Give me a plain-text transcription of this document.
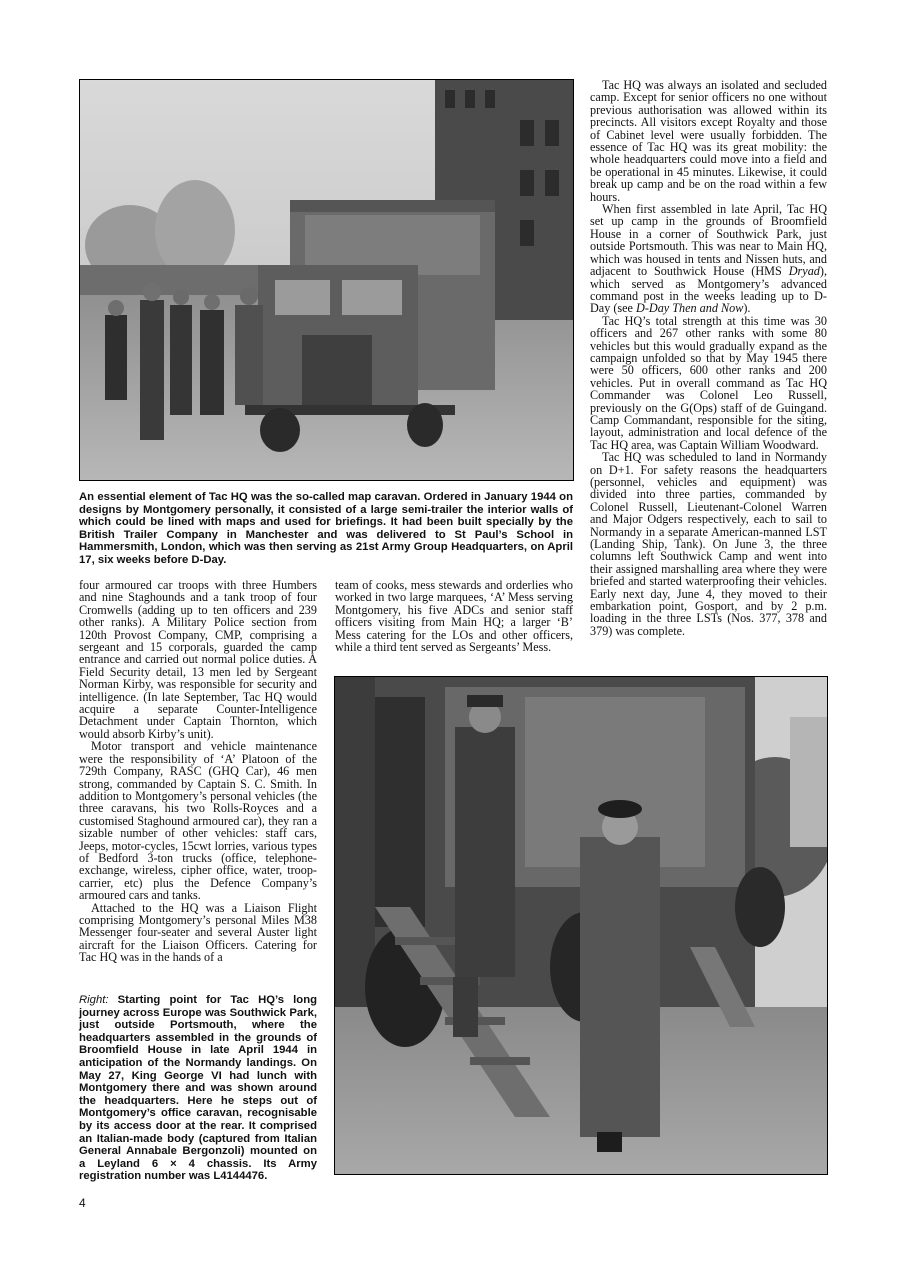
An essential element of Tac HQ was the so-called map caravan. Ordered in January 1944 on designs by Montgomery personally, it consisted of a large semi-trailer the interior walls of which could be lined with maps and used for briefings. It had been built specially by the British Trailer Company in Manchester and was delivered to St Paul’s School in Hammersmith, London, which was then serving as 21st Army Group Headquarters, on April 17, six weeks before D-Day.

four armoured car troops with three Humbers and nine Staghounds and a tank troop of four Cromwells (adding up to ten officers and 239 other ranks). A Military Police section from 120th Provost Company, CMP, comprising a sergeant and 15 corporals, guarded the camp entrance and carried out normal police duties. A Field Security detail, 13 men led by Sergeant Norman Kirby, was responsible for security and intelligence. (In late September, Tac HQ would acquire a separate Counter-Intelligence Detachment under Captain Thornton, which would absorb Kirby’s unit).

Motor transport and vehicle maintenance were the responsibility of ‘A’ Platoon of the 729th Company, RASC (GHQ Car), 46 men strong, commanded by Captain S. C. Smith. In addition to Montgomery’s personal vehicles (the three caravans, his two Rolls-Royces and a customised Staghound armoured car), they ran a sizable number of other vehicles: staff cars, Jeeps, motor-cycles, 15cwt lorries, various types of Bedford 3-ton trucks (office, telephone-exchange, wireless, cipher office, water, troop-carrier, etc) plus the Defence Company’s armoured cars and tanks.

Attached to the HQ was a Liaison Flight comprising Montgomery’s personal Miles M38 Messenger four-seater and several Auster light aircraft for the Liaison Officers. Catering for Tac HQ was in the hands of a

team of cooks, mess stewards and orderlies who worked in two large marquees, ‘A’ Mess serving Montgomery, his five ADCs and senior staff officers visiting from Main HQ; a larger ‘B’ Mess catering for the LOs and other officers, while a third tent served as Sergeants’ Mess.

Tac HQ was always an isolated and secluded camp. Except for senior officers no one without previous authorisation was allowed within its precincts. All visitors except Royalty and those of Cabinet level were usually forbidden. The essence of Tac HQ was its great mobility: the whole headquarters could move into a field and be operational in 45 minutes. Likewise, it could break up camp and be on the road within a few hours.

When first assembled in late April, Tac HQ set up camp in the grounds of Broomfield House in a corner of Southwick Park, just outside Portsmouth. This was near to Main HQ, which was housed in tents and Nissen huts, and adjacent to Southwick House (HMS Dryad), which served as Montgomery’s advanced command post in the weeks leading up to D-Day (see D-Day Then and Now).

Tac HQ’s total strength at this time was 30 officers and 267 other ranks with some 80 vehicles but this would gradually expand as the campaign unfolded so that by May 1945 there were 50 officers, 600 other ranks and 200 vehicles. Put in overall command as Tac HQ Commander was Colonel Leo Russell, previously on the G(Ops) staff of de Guingand. Camp Commandant, responsible for the siting, layout, administration and local defence of the Tac HQ area, was Captain William Woodward.

Tac HQ was scheduled to land in Normandy on D+1. For safety reasons the headquarters (personnel, vehicles and equipment) was divided into three parties, commanded by Colonel Russell, Lieutenant-Colonel Warren and Major Odgers respectively, each to sail to Normandy in a separate American-manned LST (Landing Ship, Tank). On June 3, the three columns left Southwick Camp and went into their assigned marshalling area where they were briefed and started waterproofing their vehicles. Early next day, June 4, they moved to their embarkation point, Gosport, and by 2 p.m. loading in the three LSTs (Nos. 377, 378 and 379) was complete.

Right: Starting point for Tac HQ’s long journey across Europe was Southwick Park, just outside Portsmouth, where the headquarters assembled in the grounds of Broomfield House in late April 1944 in anticipation of the Normandy landings. On May 27, King George VI had lunch with Montgomery there and was shown around the headquarters. Here he steps out of Montgomery’s office caravan, recognisable by its access door at the rear. It comprised an Italian-made body (captured from Italian General Annabale Bergonzoli) mounted on a Leyland 6 × 4 chassis. Its Army registration number was L4144476.
4
